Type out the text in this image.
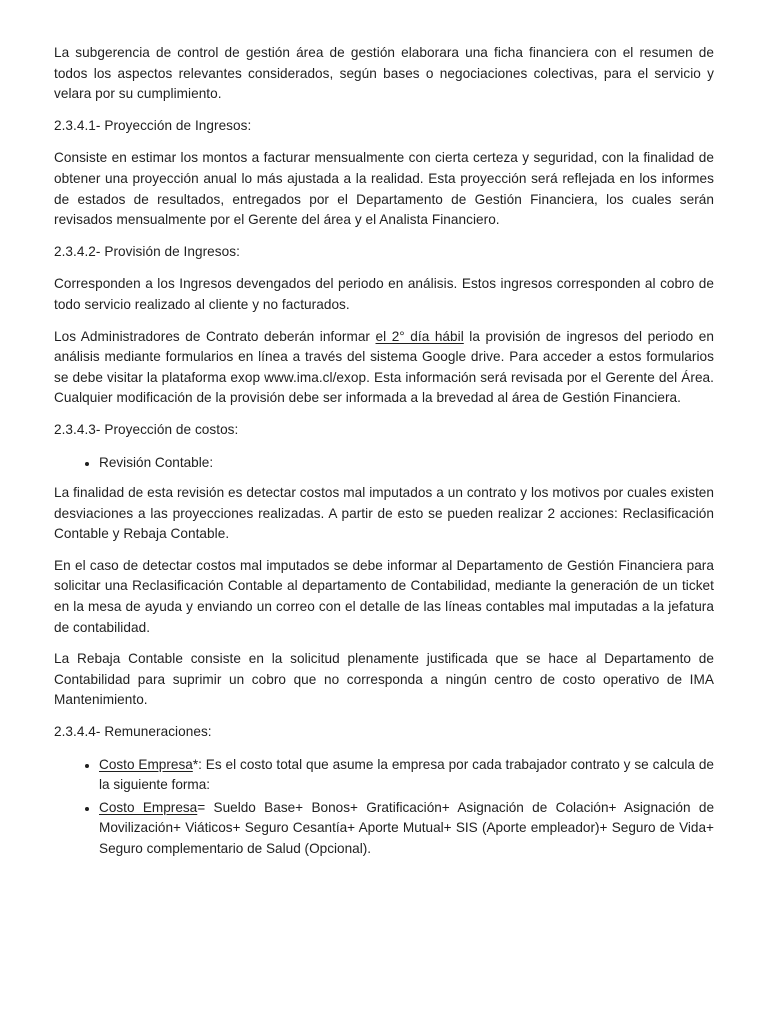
La subgerencia de control de gestión área de gestión elaborara una ficha financiera con el resumen de todos los aspectos relevantes considerados, según bases o negociaciones colectivas, para el servicio y velara por su cumplimiento.

2.3.4.1- Proyección de Ingresos:

Consiste en estimar los montos a facturar mensualmente con cierta certeza y seguridad, con la finalidad de obtener una proyección anual lo más ajustada a la realidad. Esta proyección será reflejada en los informes de estados de resultados, entregados por el Departamento de Gestión Financiera, los cuales serán revisados mensualmente por el Gerente del área y el Analista Financiero.

2.3.4.2- Provisión de Ingresos:

Corresponden a los Ingresos devengados del periodo en análisis. Estos ingresos corresponden al cobro de todo servicio realizado al cliente y no facturados.

Los Administradores de Contrato deberán informar el 2° día hábil la provisión de ingresos del periodo en análisis mediante formularios en línea a través del sistema Google drive. Para acceder a estos formularios se debe visitar la plataforma exop www.ima.cl/exop. Esta información será revisada por el Gerente del Área. Cualquier modificación de la provisión debe ser informada a la brevedad al área de Gestión Financiera.

2.3.4.3- Proyección de costos:

• Revisión Contable:

La finalidad de esta revisión es detectar costos mal imputados a un contrato y los motivos por cuales existen desviaciones a las proyecciones realizadas. A partir de esto se pueden realizar 2 acciones: Reclasificación Contable y Rebaja Contable.

En el caso de detectar costos mal imputados se debe informar al Departamento de Gestión Financiera para solicitar una Reclasificación Contable al departamento de Contabilidad, mediante la generación de un ticket en la mesa de ayuda y enviando un correo con el detalle de las líneas contables mal imputadas a la jefatura de contabilidad.

La Rebaja Contable consiste en la solicitud plenamente justificada que se hace al Departamento de Contabilidad para suprimir un cobro que no corresponda a ningún centro de costo operativo de IMA Mantenimiento.

2.3.4.4- Remuneraciones:

• Costo Empresa*: Es el costo total que asume la empresa por cada trabajador contrato y se calcula de la siguiente forma:
• Costo Empresa= Sueldo Base+ Bonos+ Gratificación+ Asignación de Colación+ Asignación de Movilización+ Viáticos+ Seguro Cesantía+ Aporte Mutual+ SIS (Aporte empleador)+ Seguro de Vida+ Seguro complementario de Salud (Opcional).
